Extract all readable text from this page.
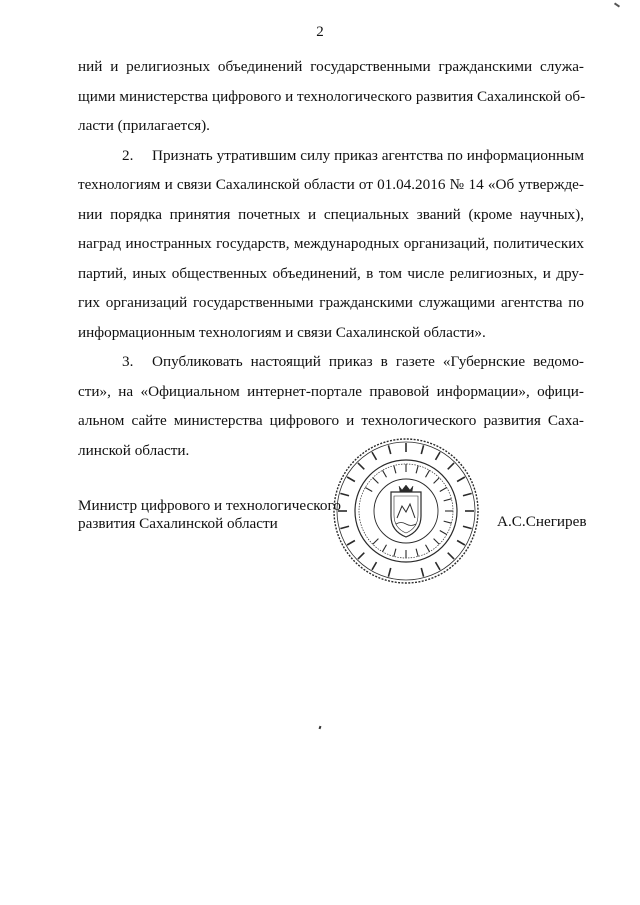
2
ний и религиозных объединений государственными гражданскими служа-
щими министерства цифрового и технологического развития Сахалинской об-
ласти (прилагается).
2. Признать утратившим силу приказ агентства по информационным
технологиям и связи Сахалинской области от 01.04.2016 № 14 «Об утвержде-
нии порядка принятия почетных и специальных званий (кроме научных),
наград иностранных государств, международных организаций, политических
партий, иных общественных объединений, в том числе религиозных, и дру-
гих организаций государственными гражданскими служащими агентства по
информационным технологиям и связи Сахалинской области».
3. Опубликовать настоящий приказ в газете «Губернские ведомо-
сти», на «Официальном интернет-портале правовой информации», офици-
альном сайте министерства цифрового и технологического развития Саха-
линской области.
Министр цифрового и технологического
развития Сахалинской области	А.С.Снегирев
